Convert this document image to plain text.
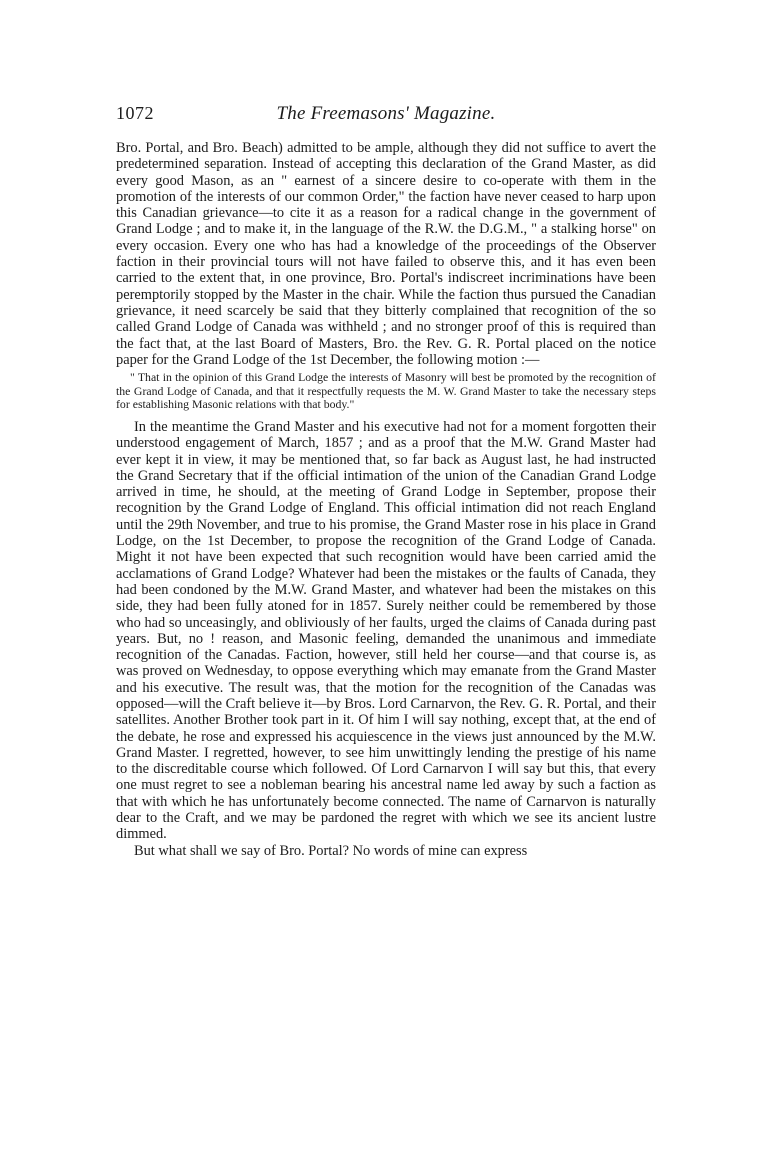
1072	The Freemasons' Magazine.

Bro. Portal, and Bro. Beach) admitted to be ample, although they did not suffice to avert the predetermined separation. Instead of accepting this declaration of the Grand Master, as did every good Mason, as an " earnest of a sincere desire to co-operate with them in the promotion of the interests of our common Order," the faction have never ceased to harp upon this Canadian grievance—to cite it as a reason for a radical change in the government of Grand Lodge ; and to make it, in the language of the R.W. the D.G.M., " a stalking horse" on every occasion. Every one who has had a knowledge of the proceedings of the Observer faction in their provincial tours will not have failed to observe this, and it has even been carried to the extent that, in one province, Bro. Portal's indiscreet incriminations have been peremptorily stopped by the Master in the chair. While the faction thus pursued the Canadian grievance, it need scarcely be said that they bitterly complained that recognition of the so called Grand Lodge of Canada was withheld ; and no stronger proof of this is required than the fact that, at the last Board of Masters, Bro. the Rev. G. R. Portal placed on the notice paper for the Grand Lodge of the 1st December, the following motion :—

" That in the opinion of this Grand Lodge the interests of Masonry will best be promoted by the recognition of the Grand Lodge of Canada, and that it respectfully requests the M. W. Grand Master to take the necessary steps for establishing Masonic relations with that body."

In the meantime the Grand Master and his executive had not for a moment forgotten their understood engagement of March, 1857 ; and as a proof that the M.W. Grand Master had ever kept it in view, it may be mentioned that, so far back as August last, he had instructed the Grand Secretary that if the official intimation of the union of the Canadian Grand Lodge arrived in time, he should, at the meeting of Grand Lodge in September, propose their recognition by the Grand Lodge of England. This official intimation did not reach England until the 29th November, and true to his promise, the Grand Master rose in his place in Grand Lodge, on the 1st December, to propose the recognition of the Grand Lodge of Canada. Might it not have been expected that such recognition would have been carried amid the acclamations of Grand Lodge? Whatever had been the mistakes or the faults of Canada, they had been condoned by the M.W. Grand Master, and whatever had been the mistakes on this side, they had been fully atoned for in 1857. Surely neither could be remembered by those who had so unceasingly, and obliviously of her faults, urged the claims of Canada during past years. But, no ! reason, and Masonic feeling, demanded the unanimous and immediate recognition of the Canadas. Faction, however, still held her course—and that course is, as was proved on Wednesday, to oppose everything which may emanate from the Grand Master and his executive. The result was, that the motion for the recognition of the Canadas was opposed—will the Craft believe it—by Bros. Lord Carnarvon, the Rev. G. R. Portal, and their satellites. Another Brother took part in it. Of him I will say nothing, except that, at the end of the debate, he rose and expressed his acquiescence in the views just announced by the M.W. Grand Master. I regretted, however, to see him unwittingly lending the prestige of his name to the discreditable course which followed. Of Lord Carnarvon I will say but this, that every one must regret to see a nobleman bearing his ancestral name led away by such a faction as that with which he has unfortunately become connected. The name of Carnarvon is naturally dear to the Craft, and we may be pardoned the regret with which we see its ancient lustre dimmed.

But what shall we say of Bro. Portal? No words of mine can express
